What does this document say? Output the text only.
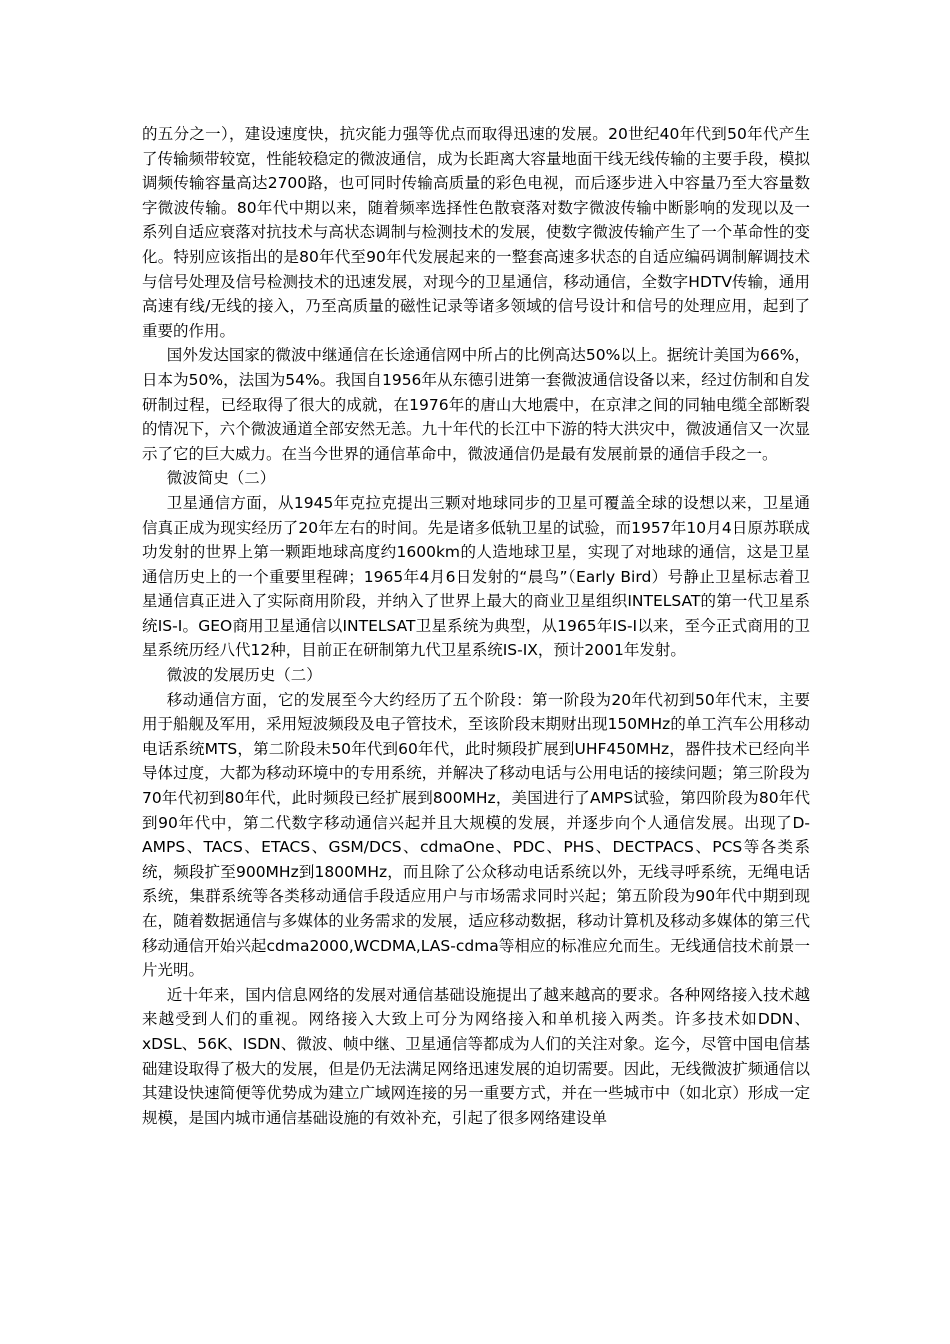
的五分之一），建设速度快，抗灾能力强等优点而取得迅速的发展。20世纪40年代到50年代产生了传输频带较宽，性能较稳定的微波通信，成为长距离大容量地面干线无线传输的主要手段，模拟调频传输容量高达2700路，也可同时传输高质量的彩色电视，而后逐步进入中容量乃至大容量数字微波传输。80年代中期以来，随着频率选择性色散衰落对数字微波传输中断影响的发现以及一系列自适应衰落对抗技术与高状态调制与检测技术的发展，使数字微波传输产生了一个革命性的变化。特别应该指出的是80年代至90年代发展起来的一整套高速多状态的自适应编码调制解调技术与信号处理及信号检测技术的迅速发展，对现今的卫星通信，移动通信，全数字HDTV传输，通用高速有线/无线的接入，乃至高质量的磁性记录等诸多领域的信号设计和信号的处理应用，起到了重要的作用。

国外发达国家的微波中继通信在长途通信网中所占的比例高达50%以上。据统计美国为66%，日本为50%，法国为54%。我国自1956年从东德引进第一套微波通信设备以来，经过仿制和自发研制过程，已经取得了很大的成就，在1976年的唐山大地震中，在京津之间的同轴电缆全部断裂的情况下，六个微波通道全部安然无恙。九十年代的长江中下游的特大洪灾中，微波通信又一次显示了它的巨大威力。在当今世界的通信革命中，微波通信仍是最有发展前景的通信手段之一。

微波简史（二）

卫星通信方面，从1945年克拉克提出三颗对地球同步的卫星可覆盖全球的设想以来，卫星通信真正成为现实经历了20年左右的时间。先是诸多低轨卫星的试验，而1957年10月4日原苏联成功发射的世界上第一颗距地球高度约1600km的人造地球卫星，实现了对地球的通信，这是卫星通信历史上的一个重要里程碑；1965年4月6日发射的“晨鸟”（Early Bird）号静止卫星标志着卫星通信真正进入了实际商用阶段，并纳入了世界上最大的商业卫星组织INTELSAT的第一代卫星系统IS-I。GEO商用卫星通信以INTELSAT卫星系统为典型，从1965年IS-I以来，至今正式商用的卫星系统历经八代12种，目前正在研制第九代卫星系统IS-IX，预计2001年发射。

微波的发展历史（二）

移动通信方面，它的发展至今大约经历了五个阶段：第一阶段为20年代初到50年代末，主要用于船舰及军用，采用短波频段及电子管技术，至该阶段末期财出现150MHz的单工汽车公用移动电话系统MTS，第二阶段未50年代到60年代，此时频段扩展到UHF450MHz，器件技术已经向半导体过度，大都为移动环境中的专用系统，并解决了移动电话与公用电话的接续问题；第三阶段为70年代初到80年代，此时频段已经扩展到800MHz，美国进行了AMPS试验，第四阶段为80年代到90年代中，第二代数字移动通信兴起并且大规模的发展，并逐步向个人通信发展。出现了D-AMPS、TACS、ETACS、GSM/DCS、cdmaOne、PDC、PHS、DECTPACS、PCS等各类系统，频段扩至900MHz到1800MHz，而且除了公众移动电话系统以外，无线寻呼系统，无绳电话系统，集群系统等各类移动通信手段适应用户与市场需求同时兴起；第五阶段为90年代中期到现在，随着数据通信与多媒体的业务需求的发展，适应移动数据，移动计算机及移动多媒体的第三代移动通信开始兴起cdma2000,WCDMA,LAS-cdma等相应的标准应允而生。无线通信技术前景一片光明。

近十年来，国内信息网络的发展对通信基础设施提出了越来越高的要求。各种网络接入技术越来越受到人们的重视。网络接入大致上可分为网络接入和单机接入两类。许多技术如DDN、xDSL、56K、ISDN、微波、帧中继、卫星通信等都成为人们的关注对象。迄今，尽管中国电信基础建设取得了极大的发展，但是仍无法满足网络迅速发展的迫切需要。因此，无线微波扩频通信以其建设快速简便等优势成为建立广域网连接的另一重要方式，并在一些城市中（如北京）形成一定规模，是国内城市通信基础设施的有效补充，引起了很多网络建设单
